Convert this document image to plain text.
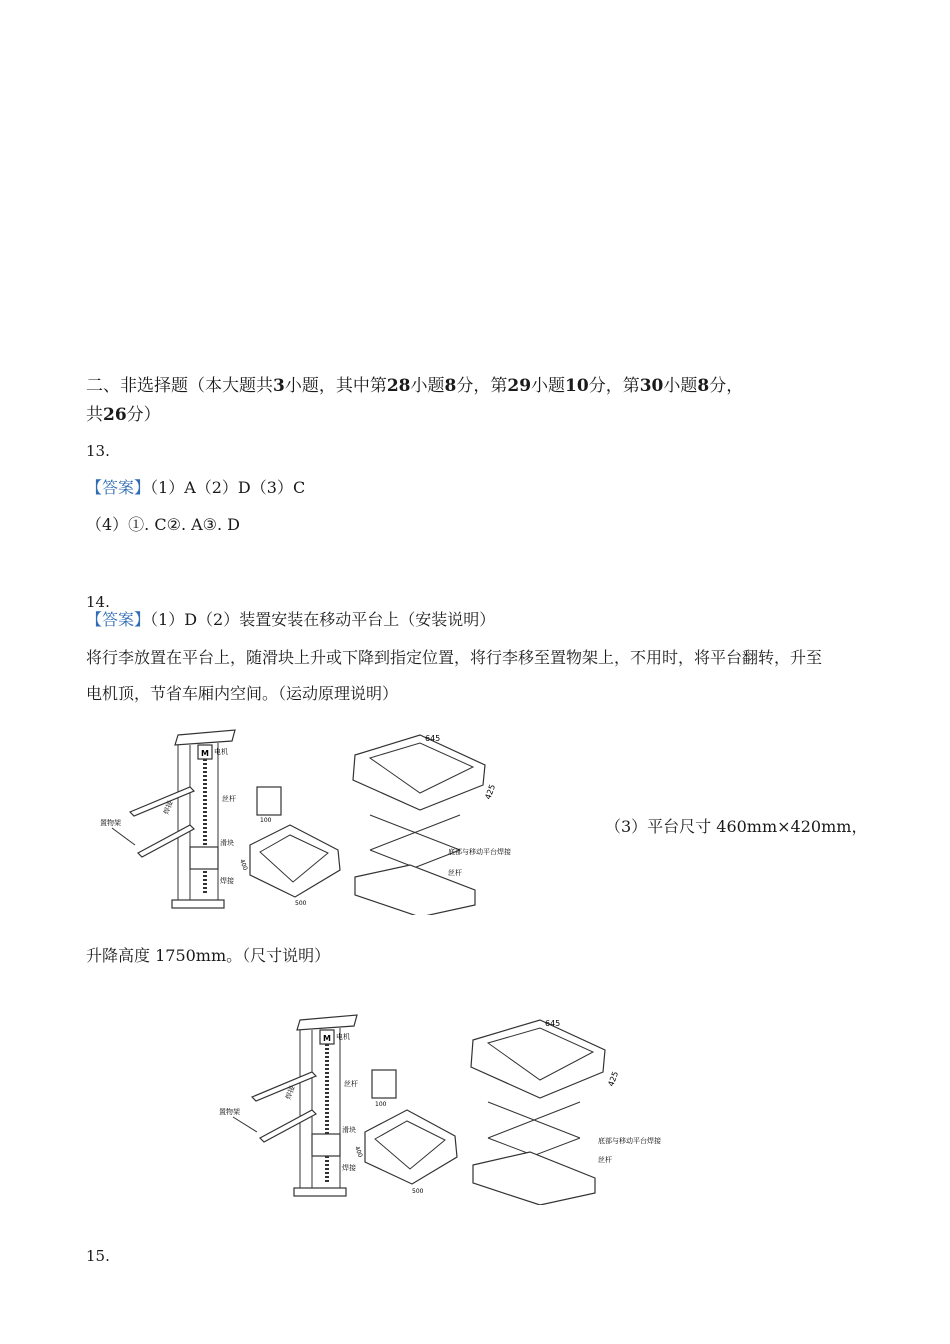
二、非选择题（本大题共3小题，其中第28小题8分，第29小题10分，第30小题8分，
共26分）
13.
【答案】（1）A（2）D（3）C
（4）①. C②. A③. D
14.
【答案】（1）D（2）装置安装在移动平台上（安装说明）
将行李放置在平台上，随滑块上升或下降到指定位置，将行李移至置物架上，不用时，将平台翻转，升至
电机顶，节省车厢内空间。（运动原理说明）
（3）平台尺寸 460mm×420mm，
升降高度 1750mm。（尺寸说明）
15.
M 电机
丝杆
焊接
置物架
滑块
焊接
100
500
400
645
425
底部与移动平台焊接
丝杆
M 电机
丝杆
焊接
置物架
滑块
焊接
100
500
400
645
425
底部与移动平台焊接
丝杆
